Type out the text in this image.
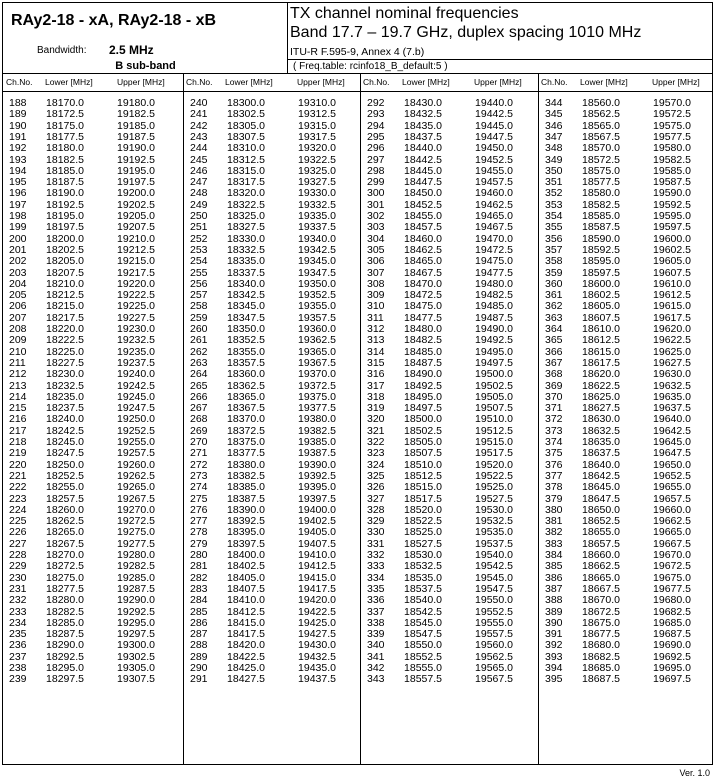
RAy2-18 - xA, RAy2-18 - xB
Bandwidth: 2.5 MHz
B sub-band
TX channel nominal frequencies
Band 17.7 – 19.7 GHz, duplex spacing 1010 MHz
ITU-R F.595-9, Annex 4 (7.b)
( Freq.table: rcinfo18_B_default:5 )
Ch.No. Lower [MHz]	Upper [MHz]	Ch.No. Lower [MHz]	Upper [MHz] Ch.No. Lower [MHz]	Upper [MHz] Ch.No. Lower [MHz]	Upper [MHz]
188	18170.0	19180.0
189	18172.5	19182.5
190	18175.0	19185.0
191	18177.5	19187.5
192	18180.0	19190.0
193	18182.5	19192.5
194	18185.0	19195.0
195	18187.5	19197.5
196	18190.0	19200.0
197	18192.5	19202.5
198	18195.0	19205.0
199	18197.5	19207.5
200	18200.0	19210.0
201	18202.5	19212.5
202	18205.0	19215.0
203	18207.5	19217.5
204	18210.0	19220.0
205	18212.5	19222.5
206	18215.0	19225.0
207	18217.5	19227.5
208	18220.0	19230.0
209	18222.5	19232.5
210	18225.0	19235.0
211	18227.5	19237.5
212	18230.0	19240.0
213	18232.5	19242.5
214	18235.0	19245.0
215	18237.5	19247.5
216	18240.0	19250.0
217	18242.5	19252.5
218	18245.0	19255.0
219	18247.5	19257.5
220	18250.0	19260.0
221	18252.5	19262.5
222	18255.0	19265.0
223	18257.5	19267.5
224	18260.0	19270.0
225	18262.5	19272.5
226	18265.0	19275.0
227	18267.5	19277.5
228	18270.0	19280.0
229	18272.5	19282.5
230	18275.0	19285.0
231	18277.5	19287.5
232	18280.0	19290.0
233	18282.5	19292.5
234	18285.0	19295.0
235	18287.5	19297.5
236	18290.0	19300.0
237	18292.5	19302.5
238	18295.0	19305.0
239	18297.5	19307.5
240	18300.0	19310.0
241	18302.5	19312.5
242	18305.0	19315.0
243	18307.5	19317.5
244	18310.0	19320.0
245	18312.5	19322.5
246	18315.0	19325.0
247	18317.5	19327.5
248	18320.0	19330.0
249	18322.5	19332.5
250	18325.0	19335.0
251	18327.5	19337.5
252	18330.0	19340.0
253	18332.5	19342.5
254	18335.0	19345.0
255	18337.5	19347.5
256	18340.0	19350.0
257	18342.5	19352.5
258	18345.0	19355.0
259	18347.5	19357.5
260	18350.0	19360.0
261	18352.5	19362.5
262	18355.0	19365.0
263	18357.5	19367.5
264	18360.0	19370.0
265	18362.5	19372.5
266	18365.0	19375.0
267	18367.5	19377.5
268	18370.0	19380.0
269	18372.5	19382.5
270	18375.0	19385.0
271	18377.5	19387.5
272	18380.0	19390.0
273	18382.5	19392.5
274	18385.0	19395.0
275	18387.5	19397.5
276	18390.0	19400.0
277	18392.5	19402.5
278	18395.0	19405.0
279	18397.5	19407.5
280	18400.0	19410.0
281	18402.5	19412.5
282	18405.0	19415.0
283	18407.5	19417.5
284	18410.0	19420.0
285	18412.5	19422.5
286	18415.0	19425.0
287	18417.5	19427.5
288	18420.0	19430.0
289	18422.5	19432.5
290	18425.0	19435.0
291	18427.5	19437.5
292	18430.0	19440.0
293	18432.5	19442.5
294	18435.0	19445.0
295	18437.5	19447.5
296	18440.0	19450.0
297	18442.5	19452.5
298	18445.0	19455.0
299	18447.5	19457.5
300	18450.0	19460.0
301	18452.5	19462.5
302	18455.0	19465.0
303	18457.5	19467.5
304	18460.0	19470.0
305	18462.5	19472.5
306	18465.0	19475.0
307	18467.5	19477.5
308	18470.0	19480.0
309	18472.5	19482.5
310	18475.0	19485.0
311	18477.5	19487.5
312	18480.0	19490.0
313	18482.5	19492.5
314	18485.0	19495.0
315	18487.5	19497.5
316	18490.0	19500.0
317	18492.5	19502.5
318	18495.0	19505.0
319	18497.5	19507.5
320	18500.0	19510.0
321	18502.5	19512.5
322	18505.0	19515.0
323	18507.5	19517.5
324	18510.0	19520.0
325	18512.5	19522.5
326	18515.0	19525.0
327	18517.5	19527.5
328	18520.0	19530.0
329	18522.5	19532.5
330	18525.0	19535.0
331	18527.5	19537.5
332	18530.0	19540.0
333	18532.5	19542.5
334	18535.0	19545.0
335	18537.5	19547.5
336	18540.0	19550.0
337	18542.5	19552.5
338	18545.0	19555.0
339	18547.5	19557.5
340	18550.0	19560.0
341	18552.5	19562.5
342	18555.0	19565.0
343	18557.5	19567.5
344	18560.0	19570.0
345	18562.5	19572.5
346	18565.0	19575.0
347	18567.5	19577.5
348	18570.0	19580.0
349	18572.5	19582.5
350	18575.0	19585.0
351	18577.5	19587.5
352	18580.0	19590.0
353	18582.5	19592.5
354	18585.0	19595.0
355	18587.5	19597.5
356	18590.0	19600.0
357	18592.5	19602.5
358	18595.0	19605.0
359	18597.5	19607.5
360	18600.0	19610.0
361	18602.5	19612.5
362	18605.0	19615.0
363	18607.5	19617.5
364	18610.0	19620.0
365	18612.5	19622.5
366	18615.0	19625.0
367	18617.5	19627.5
368	18620.0	19630.0
369	18622.5	19632.5
370	18625.0	19635.0
371	18627.5	19637.5
372	18630.0	19640.0
373	18632.5	19642.5
374	18635.0	19645.0
375	18637.5	19647.5
376	18640.0	19650.0
377	18642.5	19652.5
378	18645.0	19655.0
379	18647.5	19657.5
380	18650.0	19660.0
381	18652.5	19662.5
382	18655.0	19665.0
383	18657.5	19667.5
384	18660.0	19670.0
385	18662.5	19672.5
386	18665.0	19675.0
387	18667.5	19677.5
388	18670.0	19680.0
389	18672.5	19682.5
390	18675.0	19685.0
391	18677.5	19687.5
392	18680.0	19690.0
393	18682.5	19692.5
394	18685.0	19695.0
395	18687.5	19697.5
Ver. 1.0
